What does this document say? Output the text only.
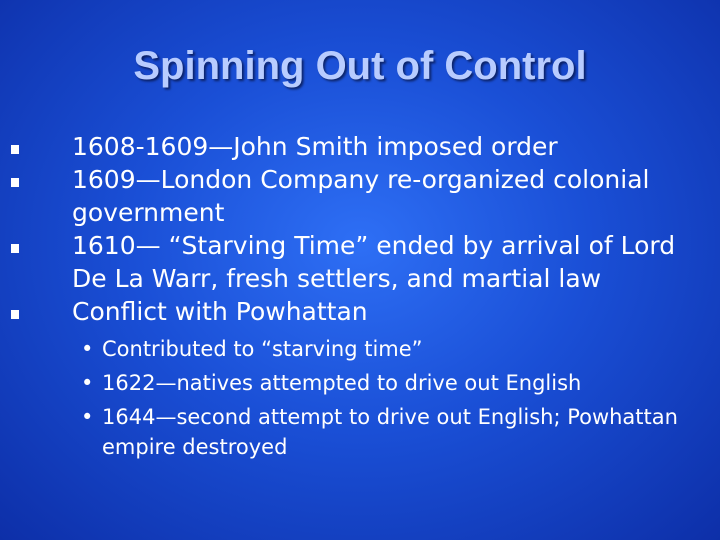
Spinning Out of Control
1608-1609—John Smith imposed order
1609—London Company re-organized colonial government
1610— “Starving Time” ended by arrival of Lord De La Warr, fresh settlers, and martial law
Conflict with Powhattan
• Contributed to “starving time”
• 1622—natives attempted to drive out English
• 1644—second attempt to drive out English; Powhattan empire destroyed
